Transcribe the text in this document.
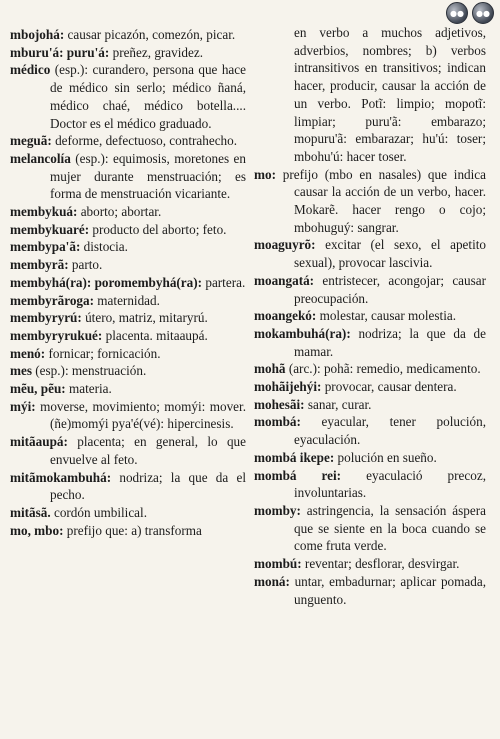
●●	●●
mbojohá: causar picazón, comezón, picar.
mburu'á: puru'á: preñez, gravidez.
médico (esp.): curandero, persona que hace de médico sin serlo; médico ñaná, médico chaé, médico botella.... Doctor es el médico graduado.
meguã: deforme, defectuoso, contrahecho.
melancolía (esp.): equimosis, moretones en mujer durante menstruación; es forma de menstruación vicariante.
membykuá: aborto; abortar.
membykuaré: producto del aborto; feto.
membypa'ã: distocia.
membyrã: parto.
membyhá(ra): poromembyhá(ra): partera.
membyrãroga: maternidad.
membyryrú: útero, matriz, mitaryrú.
membyryrukué: placenta. mitaaupá.
menó: fornicar; fornicación.
mes (esp.): menstruación.
mẽu, pẽu: materia.
mýi: moverse, movimiento; momýi: mover. (ñe)momýi pya'é(vé): hipercinesis.
mitãaupá: placenta; en general, lo que envuelve al feto.
mitãmokambuhá: nodriza; la que da el pecho.
mitãsã. cordón umbilical.
mo, mbo: prefijo que: a) transforma
en verbo a muchos adjetivos, adverbios, nombres; b) verbos intransitivos en transitivos; indican hacer, producir, causar la acción de un verbo. Potĩ: limpio; mopotĩ: limpiar; puru'ã: embarazo; mopuru'ã: embarazar; hu'ú: toser; mbohu'ú: hacer toser.
mo: prefijo (mbo en nasales) que indica causar la acción de un verbo, hacer. Mokarẽ. hacer rengo o cojo; mbohuguý: sangrar.
moaguyrõ: excitar (el sexo, el apetito sexual), provocar lascivia.
moangatá: entristecer, acongojar; causar preocupación.
moangekó: molestar, causar molestia.
mokambuhá(ra): nodriza; la que da de mamar.
mohã (arc.): pohã: remedio, medicamento.
mohãijehýi: provocar, causar dentera.
mohesãi: sanar, curar.
mombá: eyacular, tener polución, eyaculación.
mombá ikepe: polución en sueño.
mombá rei: eyaculació precoz, involuntarias.
momby: astringencia, la sensación áspera que se siente en la boca cuando se come fruta verde.
mombú: reventar; desflorar, desvirgar.
moná: untar, embadurnar; aplicar pomada, unguento.
